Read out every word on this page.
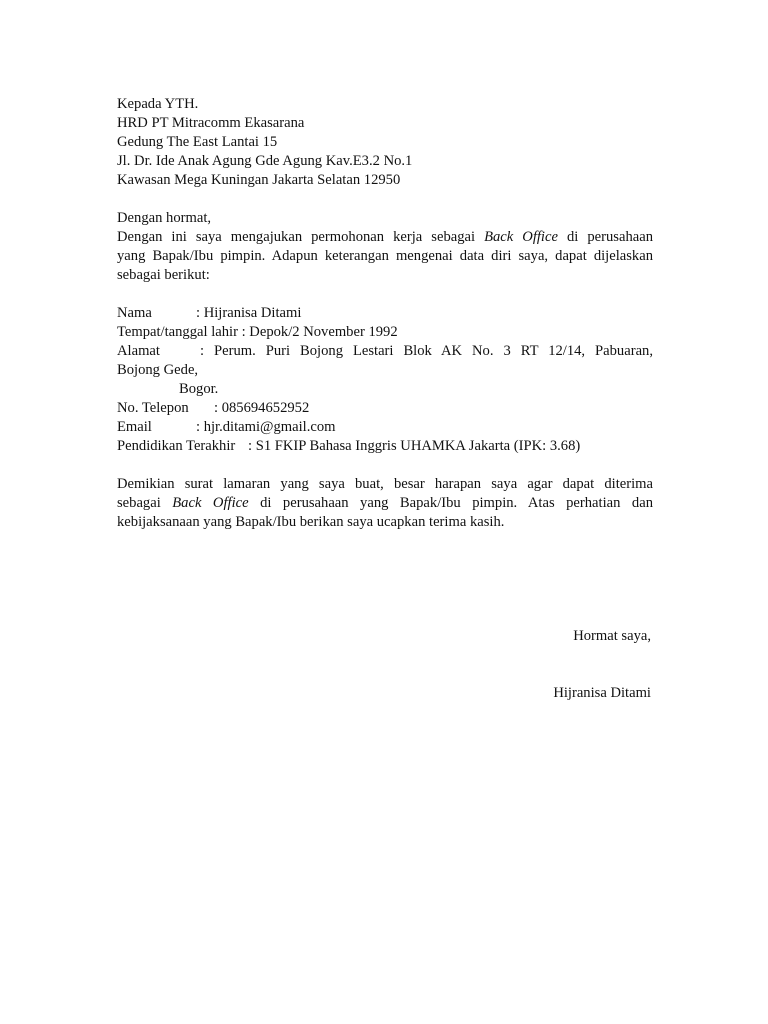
Kepada YTH.
HRD PT Mitracomm Ekasarana
Gedung The East Lantai 15
Jl. Dr. Ide Anak Agung Gde Agung Kav.E3.2 No.1
Kawasan Mega Kuningan Jakarta Selatan 12950
Dengan hormat,
Dengan ini saya mengajukan permohonan kerja sebagai Back Office di perusahaan
yang Bapak/Ibu pimpin. Adapun keterangan mengenai data diri saya, dapat dijelaskan
sebagai berikut:
Nama	: Hijranisa Ditami
Tempat/tanggal lahir : Depok/2 November 1992
Alamat	: Perum. Puri Bojong Lestari Blok AK No. 3 RT 12/14, Pabuaran,
Bojong Gede,
Bogor.
No. Telepon : 085694652952
Email	: hjr.ditami@gmail.com
Pendidikan Terakhir : S1 FKIP Bahasa Inggris UHAMKA Jakarta (IPK: 3.68)
Demikian surat lamaran yang saya buat, besar harapan saya agar dapat diterima
sebagai Back Office di perusahaan yang Bapak/Ibu pimpin. Atas perhatian dan
kebijaksanaan yang Bapak/Ibu berikan saya ucapkan terima kasih.
Hormat saya,
Hijranisa Ditami
